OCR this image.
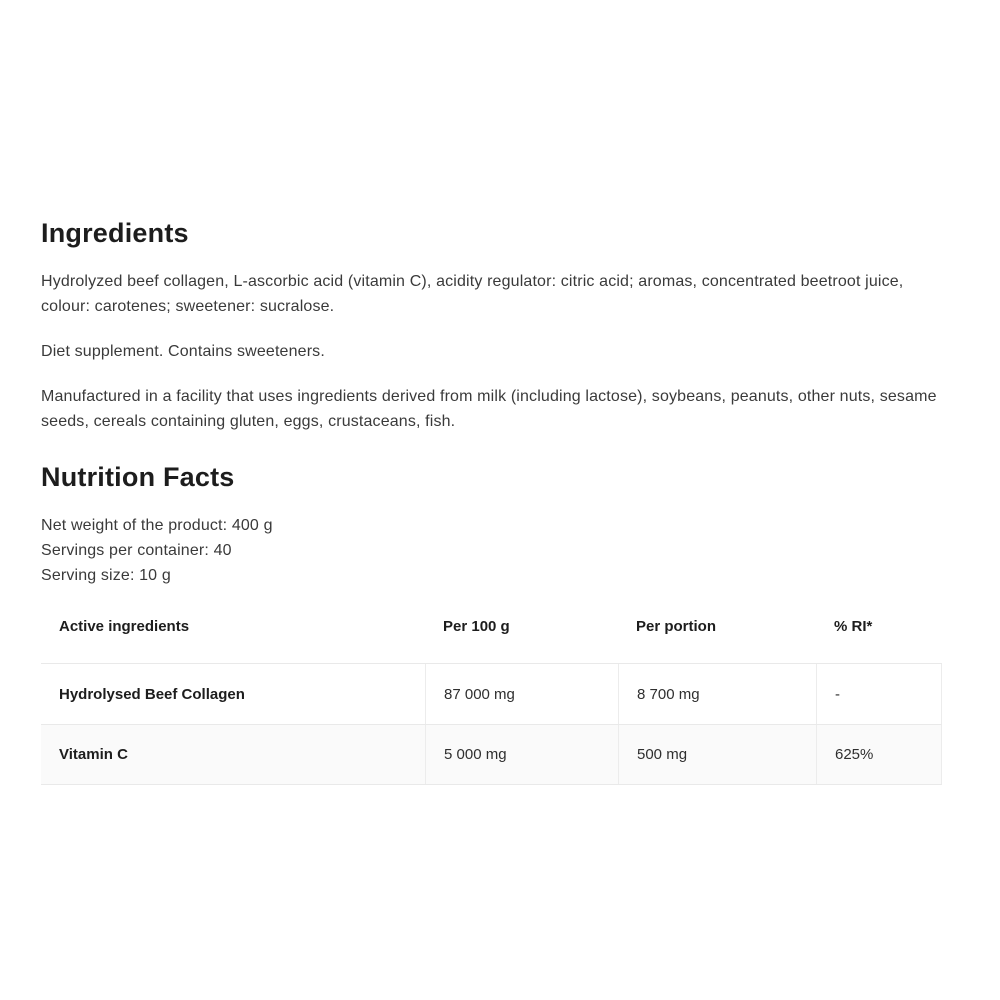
Ingredients

Hydrolyzed beef collagen, L-ascorbic acid (vitamin C), acidity regulator: citric acid; aromas, concentrated beetroot juice, colour: carotenes; sweetener: sucralose.

Diet supplement. Contains sweeteners.

Manufactured in a facility that uses ingredients derived from milk (including lactose), soybeans, peanuts, other nuts, sesame seeds, cereals containing gluten, eggs, crustaceans, fish.

Nutrition Facts
Net weight of the product: 400 g
Servings per container: 40
Serving size: 10 g
Active ingredients	Per 100 g	Per portion	% RI*
Hydrolysed Beef Collagen	87 000 mg	8 700 mg	-
Vitamin C	5 000 mg	500 mg	625%
